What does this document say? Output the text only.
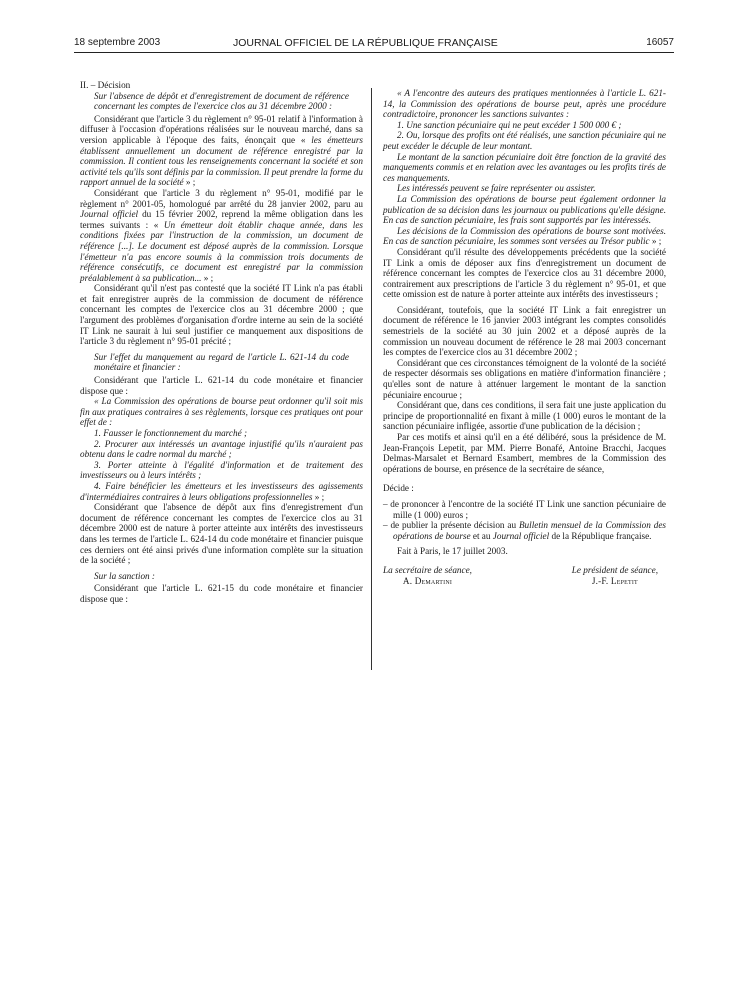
18 septembre 2003	JOURNAL OFFICIEL DE LA RÉPUBLIQUE FRANÇAISE	16057

II. – Décision

Sur l'absence de dépôt et d'enregistrement de document de référence concernant les comptes de l'exercice clos au 31 décembre 2000 :

Considérant que l'article 3 du règlement n° 95-01 relatif à l'information à diffuser à l'occasion d'opérations réalisées sur le nouveau marché, dans sa version applicable à l'époque des faits, énonçait que « les émetteurs établissent annuellement un document de référence enregistré par la commission. Il contient tous les renseignements concernant la société et son activité tels qu'ils sont définis par la commission. Il peut prendre la forme du rapport annuel de la société » ;

Considérant que l'article 3 du règlement n° 95-01, modifié par le règlement n° 2001-05, homologué par arrêté du 28 janvier 2002, paru au Journal officiel du 15 février 2002, reprend la même obligation dans les termes suivants : « Un émetteur doit établir chaque année, dans les conditions fixées par l'instruction de la commission, un document de référence [...]. Le document est déposé auprès de la commission. Lorsque l'émetteur n'a pas encore soumis à la commission trois documents de référence consécutifs, ce document est enregistré par la commission préalablement à sa publication... » ;

Considérant qu'il n'est pas contesté que la société IT Link n'a pas établi et fait enregistrer auprès de la commission de document de référence concernant les comptes de l'exercice clos au 31 décembre 2000 ; que l'argument des problèmes d'organisation d'ordre interne au sein de la société IT Link ne saurait à lui seul justifier ce manquement aux dispositions de l'article 3 du règlement n° 95-01 précité ;

Sur l'effet du manquement au regard de l'article L. 621-14 du code monétaire et financier :

Considérant que l'article L. 621-14 du code monétaire et financier dispose que :

« La Commission des opérations de bourse peut ordonner qu'il soit mis fin aux pratiques contraires à ses règlements, lorsque ces pratiques ont pour effet de :

1. Fausser le fonctionnement du marché ;

2. Procurer aux intéressés un avantage injustifié qu'ils n'auraient pas obtenu dans le cadre normal du marché ;

3. Porter atteinte à l'égalité d'information et de traitement des investisseurs ou à leurs intérêts ;

4. Faire bénéficier les émetteurs et les investisseurs des agissements d'intermédiaires contraires à leurs obligations professionnelles » ;

Considérant que l'absence de dépôt aux fins d'enregistrement d'un document de référence concernant les comptes de l'exercice clos au 31 décembre 2000 est de nature à porter atteinte aux intérêts des investisseurs dans les termes de l'article L. 624-14 du code monétaire et financier puisque ces derniers ont été ainsi privés d'une information complète sur la situation de la société ;

Sur la sanction :

Considérant que l'article L. 621-15 du code monétaire et financier dispose que :

« A l'encontre des auteurs des pratiques mentionnées à l'article L. 621-14, la Commission des opérations de bourse peut, après une procédure contradictoire, prononcer les sanctions suivantes :

1. Une sanction pécuniaire qui ne peut excéder 1 500 000 € ;

2. Ou, lorsque des profits ont été réalisés, une sanction pécuniaire qui ne peut excéder le décuple de leur montant.

Le montant de la sanction pécuniaire doit être fonction de la gravité des manquements commis et en relation avec les avantages ou les profits tirés de ces manquements.

Les intéressés peuvent se faire représenter ou assister.

La Commission des opérations de bourse peut également ordonner la publication de sa décision dans les journaux ou publications qu'elle désigne. En cas de sanction pécuniaire, les frais sont supportés par les intéressés.

Les décisions de la Commission des opérations de bourse sont motivées. En cas de sanction pécuniaire, les sommes sont versées au Trésor public » ;

Considérant qu'il résulte des développements précédents que la société IT Link a omis de déposer aux fins d'enregistrement un document de référence concernant les comptes de l'exercice clos au 31 décembre 2000, contrairement aux prescriptions de l'article 3 du règlement n° 95-01, et que cette omission est de nature à porter atteinte aux intérêts des investisseurs ;

Considérant, toutefois, que la société IT Link a fait enregistrer un document de référence le 16 janvier 2003 intégrant les comptes consolidés semestriels de la société au 30 juin 2002 et a déposé auprès de la commission un nouveau document de référence le 28 mai 2003 concernant les comptes de l'exercice clos au 31 décembre 2002 ;

Considérant que ces circonstances témoignent de la volonté de la société de respecter désormais ses obligations en matière d'information financière ; qu'elles sont de nature à atténuer largement le montant de la sanction pécuniaire encourue ;

Considérant que, dans ces conditions, il sera fait une juste application du principe de proportionnalité en fixant à mille (1 000) euros le montant de la sanction pécuniaire infligée, assortie d'une publication de la décision ;

Par ces motifs et ainsi qu'il en a été délibéré, sous la présidence de M. Jean-François Lepetit, par MM. Pierre Bonafé, Antoine Bracchi, Jacques Delmas-Marsalet et Bernard Esambert, membres de la Commission des opérations de bourse, en présence de la secrétaire de séance,

Décide :

– de prononcer à l'encontre de la société IT Link une sanction pécuniaire de mille (1 000) euros ;

– de publier la présente décision au Bulletin mensuel de la Commission des opérations de bourse et au Journal officiel de la République française.

Fait à Paris, le 17 juillet 2003.

La secrétaire de séance,
A. Demartini
Le président de séance,
J.-F. Lepetit
